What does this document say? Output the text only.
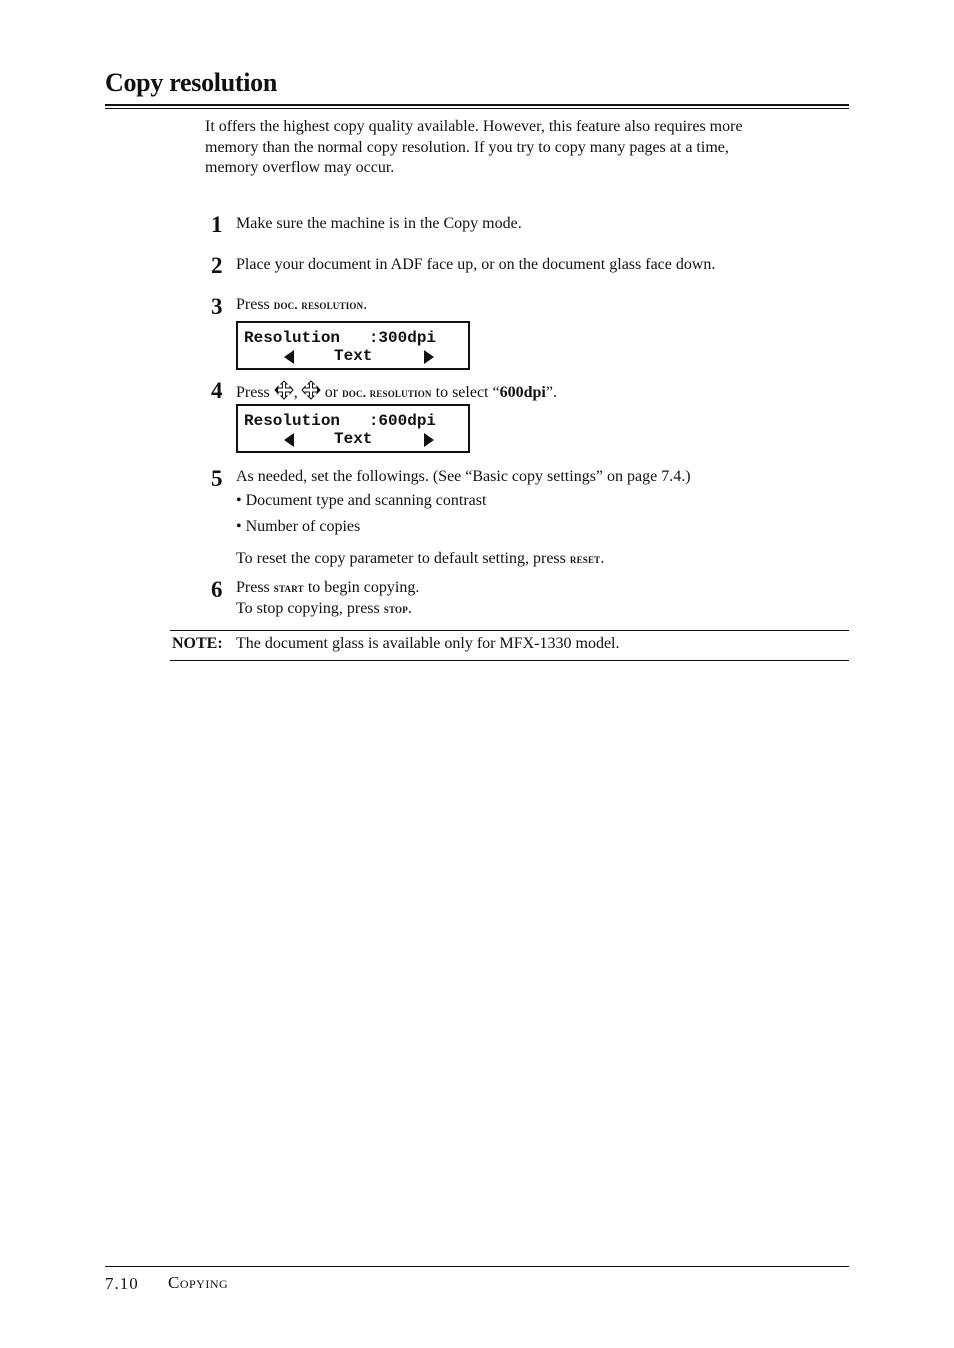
Copy resolution
It offers the highest copy quality available. However, this feature also requires more
memory than the normal copy resolution. If you try to copy many pages at a time,
memory overflow may occur.
1 Make sure the machine is in the Copy mode.
2 Place your document in ADF face up, or on the document glass face down.
3 Press doc. resolution.
Resolution   :300dpi
Text
4 Press , or doc. resolution to select “600dpi”.
Resolution   :600dpi
Text
5 As needed, set the followings. (See “Basic copy settings” on page 7.4.)
• Document type and scanning contrast
• Number of copies
To reset the copy parameter to default setting, press reset.
6 Press start to begin copying.
To stop copying, press stop.
NOTE: The document glass is available only for MFX-1330 model.
7.10 Copying
